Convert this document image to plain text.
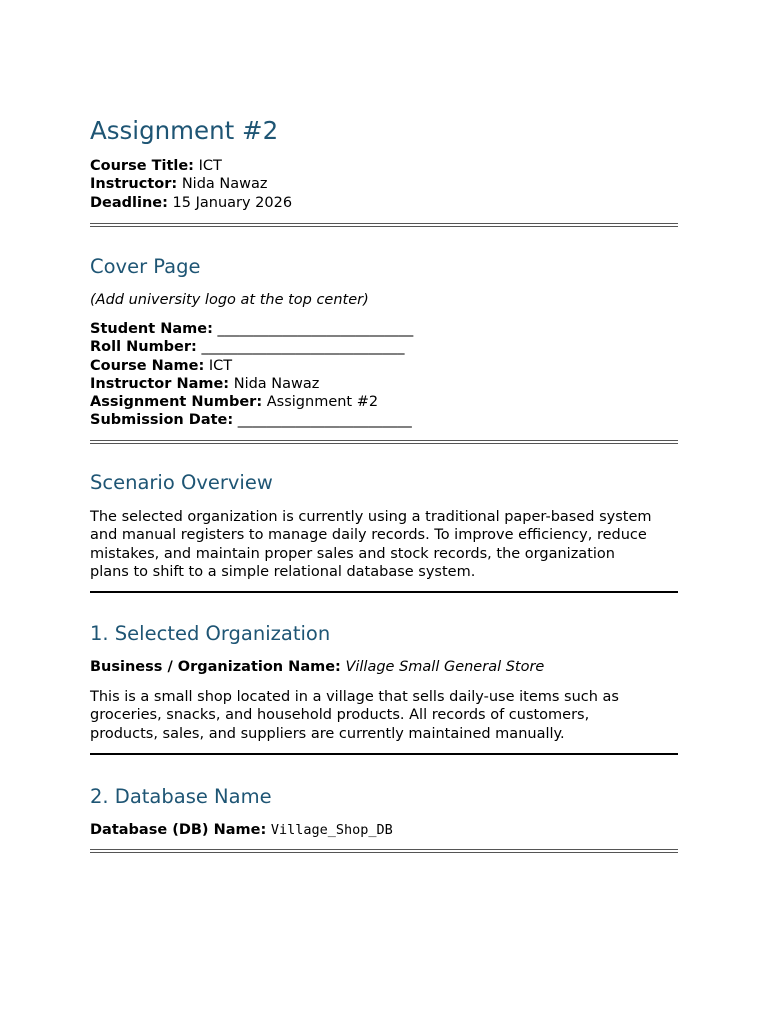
Assignment #2
Course Title: ICT
Instructor: Nida Nawaz
Deadline: 15 January 2026
Cover Page
(Add university logo at the top center)
Student Name: ___________________________
Roll Number: ____________________________
Course Name: ICT
Instructor Name: Nida Nawaz
Assignment Number: Assignment #2
Submission Date: ________________________
Scenario Overview
The selected organization is currently using a traditional paper-based system
and manual registers to manage daily records. To improve efficiency, reduce
mistakes, and maintain proper sales and stock records, the organization
plans to shift to a simple relational database system.
1. Selected Organization
Business / Organization Name: Village Small General Store
This is a small shop located in a village that sells daily-use items such as
groceries, snacks, and household products. All records of customers,
products, sales, and suppliers are currently maintained manually.
2. Database Name
Database (DB) Name: Village_Shop_DB
